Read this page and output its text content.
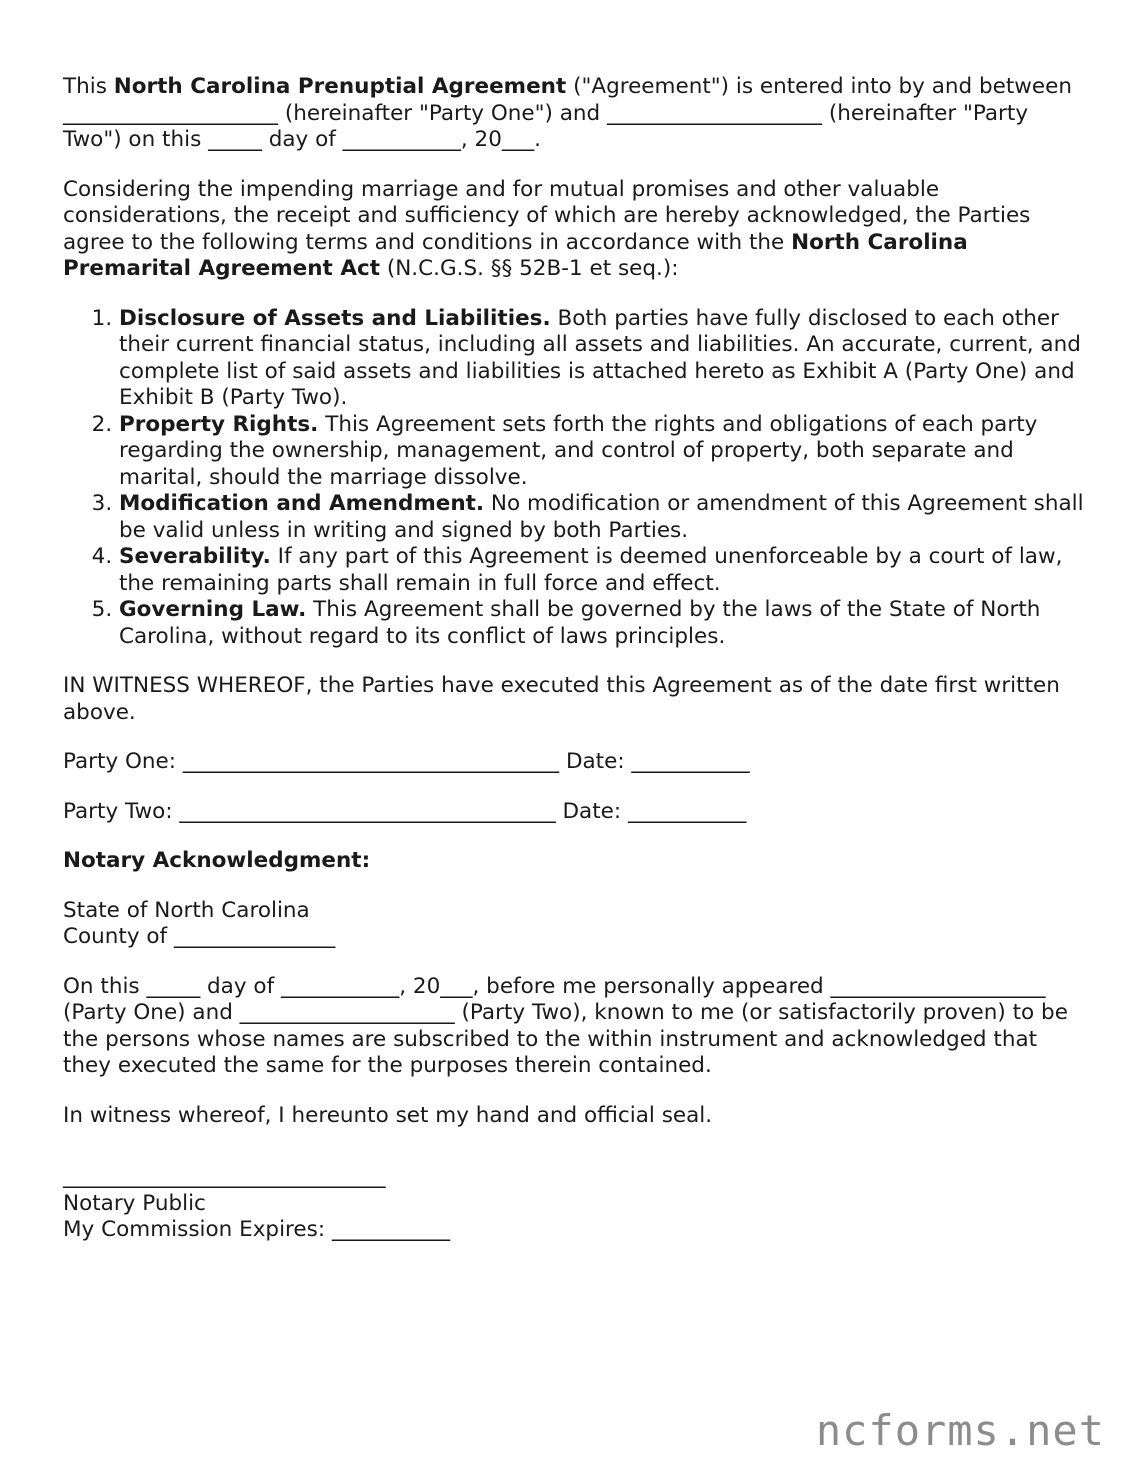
This North Carolina Prenuptial Agreement ("Agreement") is entered into by and between ____________________ (hereinafter "Party One") and ____________________ (hereinafter "Party Two") on this _____ day of ___________, 20___.

Considering the impending marriage and for mutual promises and other valuable considerations, the receipt and sufficiency of which are hereby acknowledged, the Parties agree to the following terms and conditions in accordance with the North Carolina Premarital Agreement Act (N.C.G.S. §§ 52B-1 et seq.):

1. Disclosure of Assets and Liabilities. Both parties have fully disclosed to each other their current financial status, including all assets and liabilities. An accurate, current, and complete list of said assets and liabilities is attached hereto as Exhibit A (Party One) and Exhibit B (Party Two).
2. Property Rights. This Agreement sets forth the rights and obligations of each party regarding the ownership, management, and control of property, both separate and marital, should the marriage dissolve.
3. Modification and Amendment. No modification or amendment of this Agreement shall be valid unless in writing and signed by both Parties.
4. Severability. If any part of this Agreement is deemed unenforceable by a court of law, the remaining parts shall remain in full force and effect.
5. Governing Law. This Agreement shall be governed by the laws of the State of North Carolina, without regard to its conflict of laws principles.

IN WITNESS WHEREOF, the Parties have executed this Agreement as of the date first written above.

Party One: ___________________________________ Date: ___________

Party Two: ___________________________________ Date: ___________

Notary Acknowledgment:

State of North Carolina
County of _______________

On this _____ day of ___________, 20___, before me personally appeared ____________________ (Party One) and ____________________ (Party Two), known to me (or satisfactorily proven) to be the persons whose names are subscribed to the within instrument and acknowledged that they executed the same for the purposes therein contained.

In witness whereof, I hereunto set my hand and official seal.

______________________________
Notary Public
My Commission Expires: ___________

ncforms.net
